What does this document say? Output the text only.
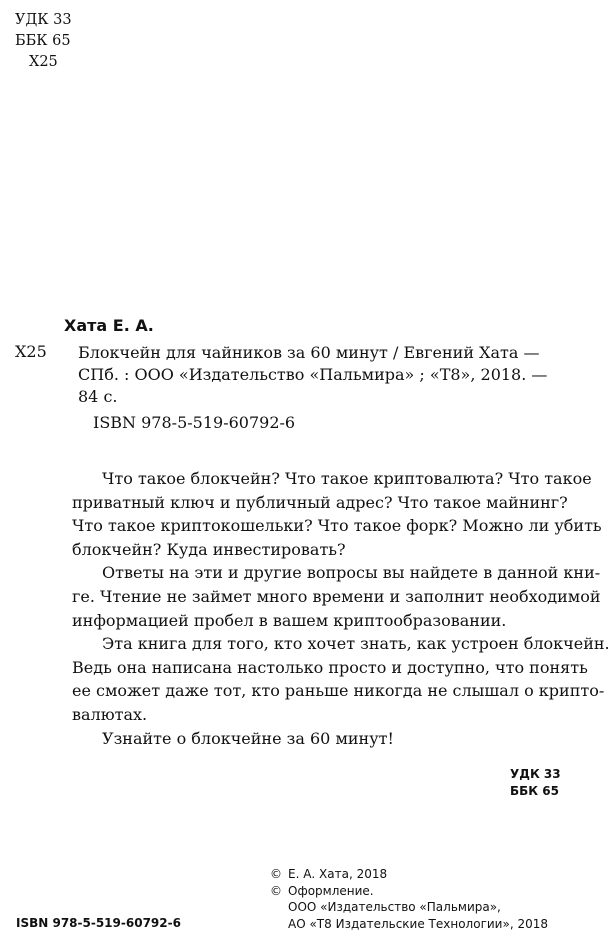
УДК 33
ББК 65
Х25
Хата Е. А.
Х25 Блокчейн для чайников за 60 минут / Евгений Хата —
СПб. : ООО «Издательство «Пальмира» ; «Т8», 2018. —
84 с.
ISBN 978-5-519-60792-6
Что такое блокчейн? Что такое криптовалюта? Что такое
приватный ключ и публичный адрес? Что такое майнинг?
Что такое криптокошельки? Что такое форк? Можно ли убить
блокчейн? Куда инвестировать?
Ответы на эти и другие вопросы вы найдете в данной кни-
ге. Чтение не займет много времени и заполнит необходимой
информацией пробел в вашем криптообразовании.
Эта книга для того, кто хочет знать, как устроен блокчейн.
Ведь она написана настолько просто и доступно, что понять
ее сможет даже тот, кто раньше никогда не слышал о крипто-
валютах.
Узнайте о блокчейне за 60 минут!
УДК 33
ББК 65
© Е. А. Хата, 2018
© Оформление.
ООО «Издательство «Пальмира»,
АО «Т8 Издательские Технологии», 2018
ISBN 978-5-519-60792-6
